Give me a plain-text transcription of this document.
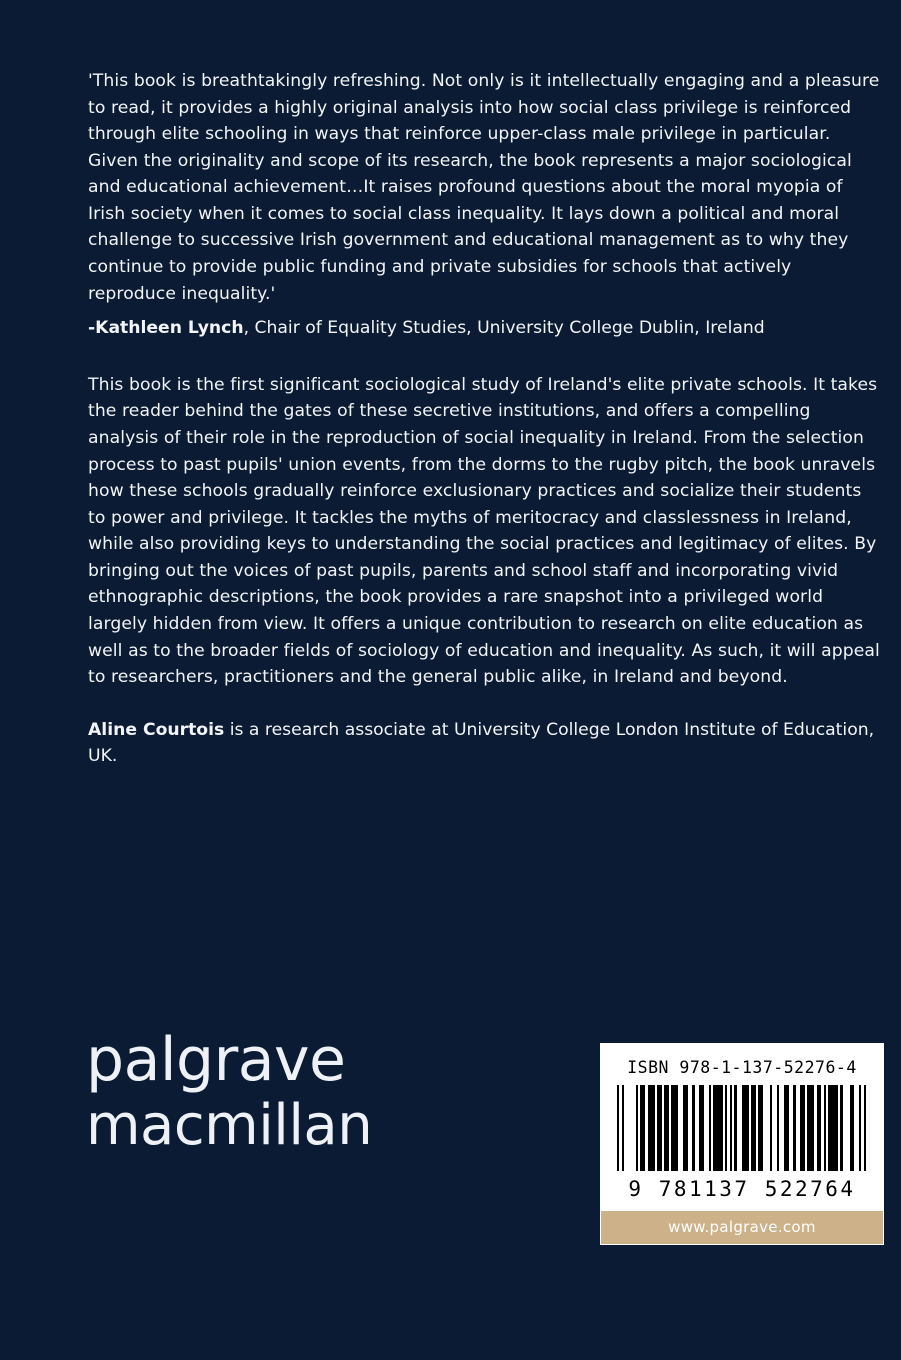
'This book is breathtakingly refreshing. Not only is it intellectually engaging and a pleasure to read, it provides a highly original analysis into how social class privilege is reinforced through elite schooling in ways that reinforce upper-class male privilege in particular. Given the originality and scope of its research, the book represents a major sociological and educational achievement…It raises profound questions about the moral myopia of Irish society when it comes to social class inequality. It lays down a political and moral challenge to successive Irish government and educational management as to why they continue to provide public funding and private subsidies for schools that actively reproduce inequality.'

-Kathleen Lynch, Chair of Equality Studies, University College Dublin, Ireland

This book is the first significant sociological study of Ireland's elite private schools. It takes the reader behind the gates of these secretive institutions, and offers a compelling analysis of their role in the reproduction of social inequality in Ireland. From the selection process to past pupils' union events, from the dorms to the rugby pitch, the book unravels how these schools gradually reinforce exclusionary practices and socialize their students to power and privilege. It tackles the myths of meritocracy and classlessness in Ireland, while also providing keys to understanding the social practices and legitimacy of elites. By bringing out the voices of past pupils, parents and school staff and incorporating vivid ethnographic descriptions, the book provides a rare snapshot into a privileged world largely hidden from view. It offers a unique contribution to research on elite education as well as to the broader fields of sociology of education and inequality. As such, it will appeal to researchers, practitioners and the general public alike, in Ireland and beyond.

Aline Courtois is a research associate at University College London Institute of Education, UK.

palgrave
macmillan
ISBN 978-1-137-52276-4
9 781137 522764
www.palgrave.com
